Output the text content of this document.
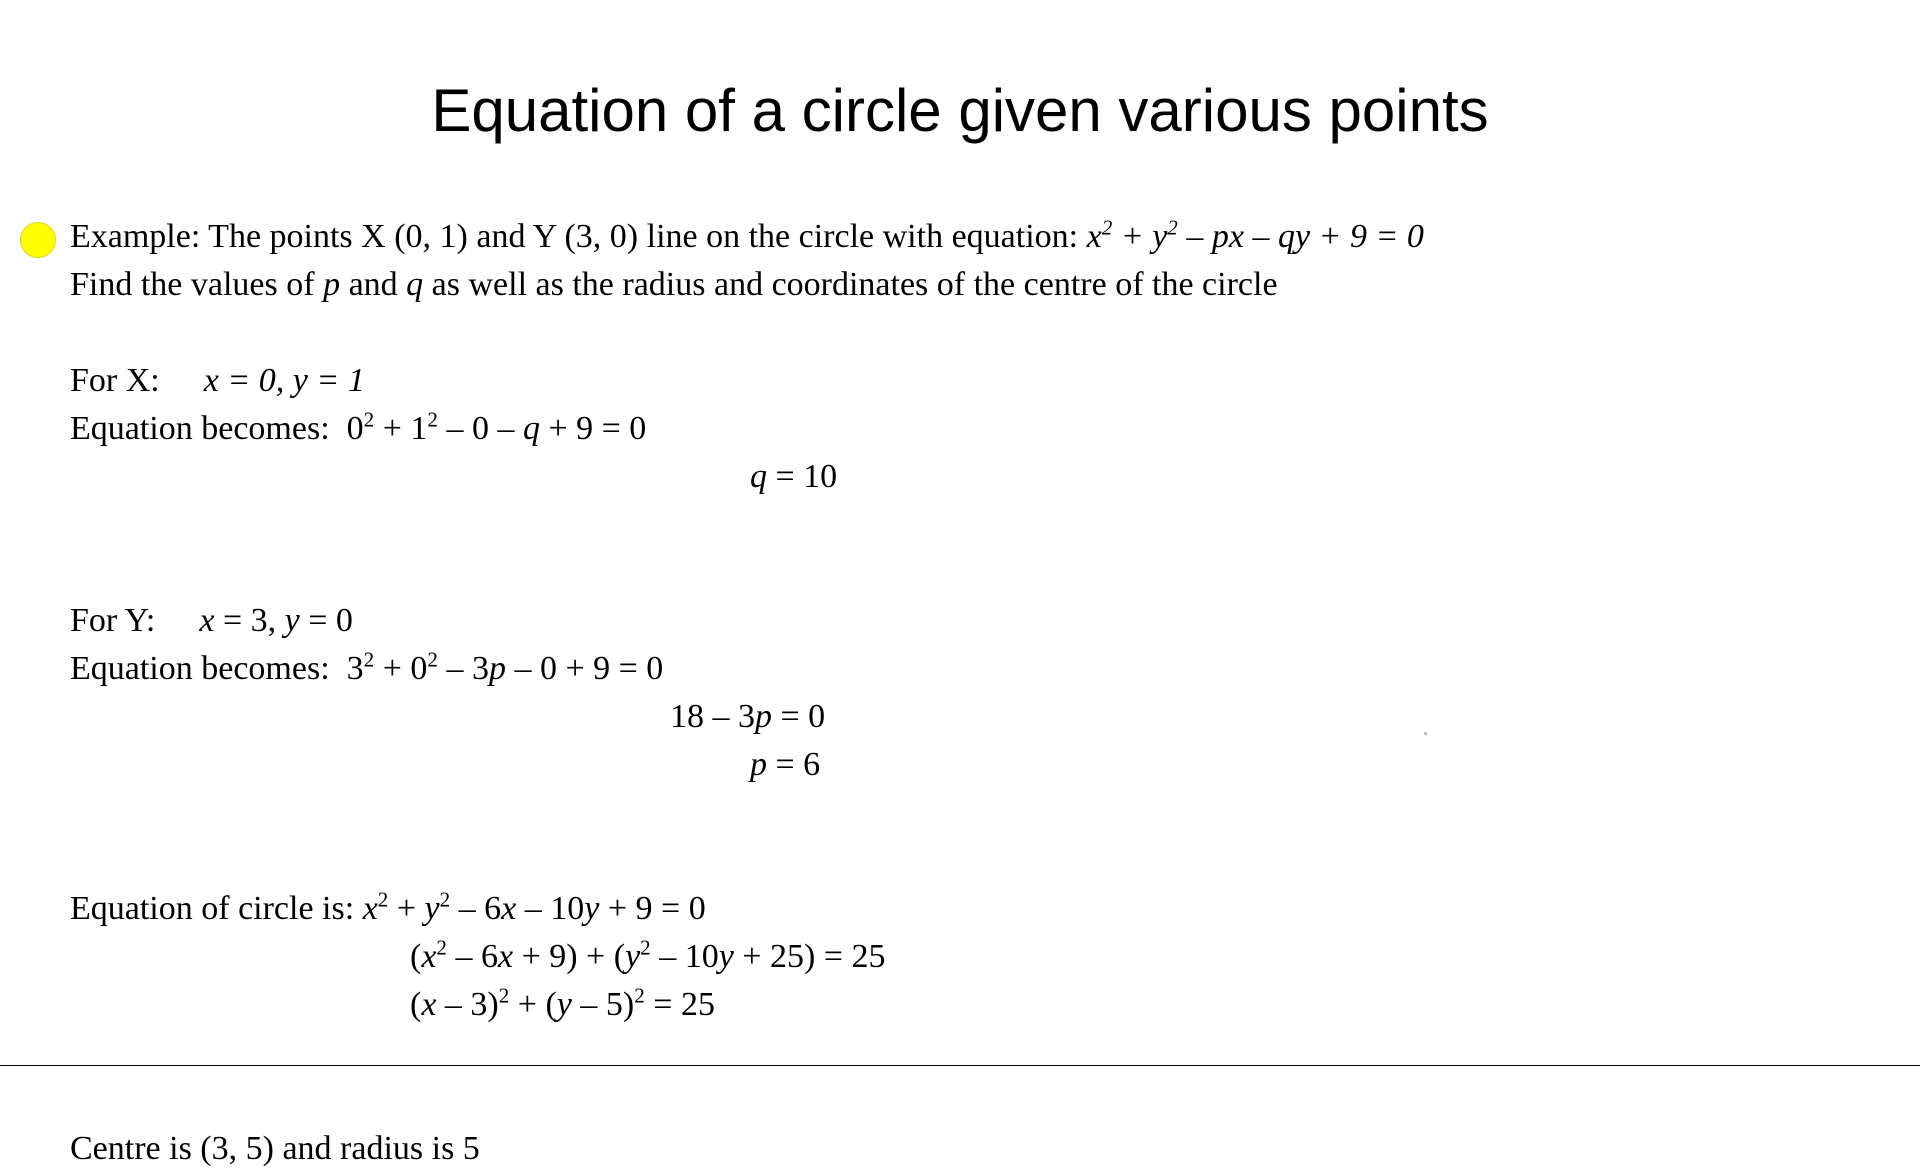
Equation of a circle given various points
Example: The points X (0, 1) and Y (3, 0) line on the circle with equation: $x^2 + y^2$ – px – qy + 9 = 0
Find the values of p and q as well as the radius and coordinates of the centre of the circle
For X: x = 0, y = 1
Equation becomes: $0^2 + 1^2 - 0 - q + 9 = 0$
q = 10
For Y: x = 3, y = 0
Equation becomes: $3^2 + 0^2 - 3p - 0 + 9 = 0$
18 – 3p = 0
p = 6
Equation of circle is: $x^2 + y^2 - 6x - 10y + 9 = 0$
$(x^2 - 6x + 9) + (y^2 - 10y + 25) = 25$
(x – 3)$^2$ + (y – 5)$^2$ = 25
Centre is (3, 5) and radius is 5
